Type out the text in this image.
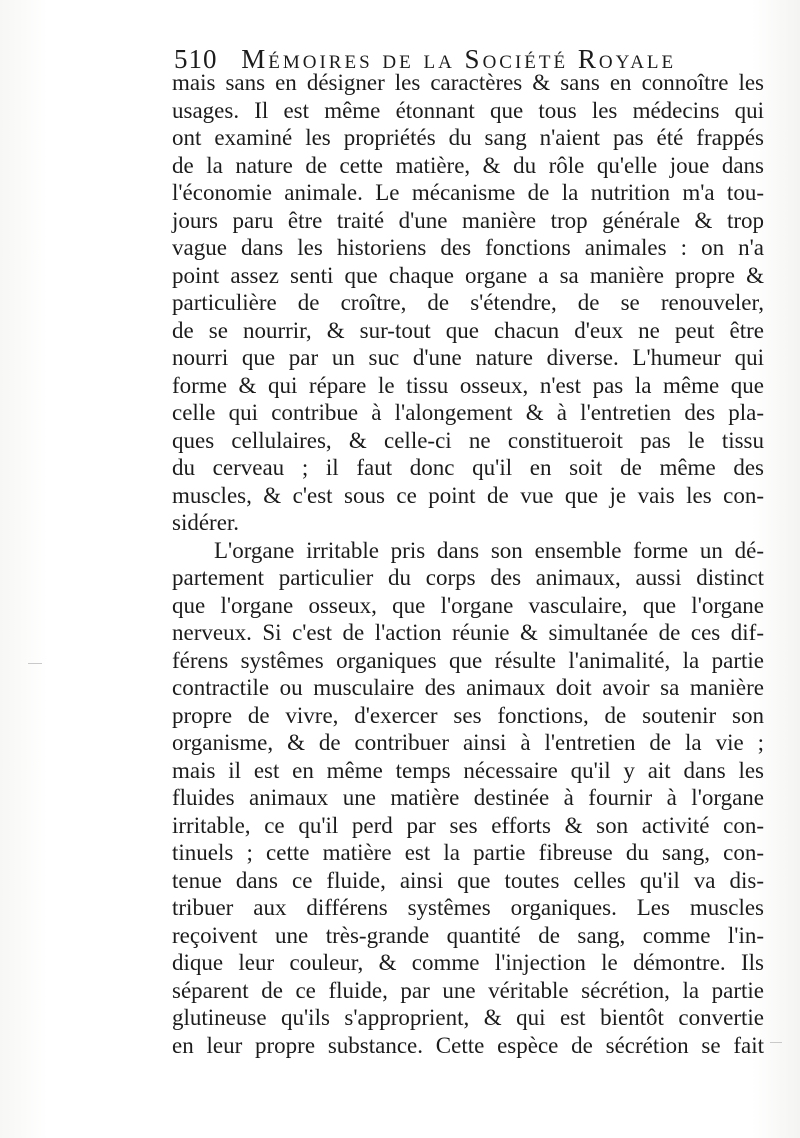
510 Mémoires de la Société Royale
mais sans en désigner les caractères & sans en connoître les
usages. Il est même étonnant que tous les médecins qui
ont examiné les propriétés du sang n'aient pas été frappés
de la nature de cette matière, & du rôle qu'elle joue dans
l'économie animale. Le mécanisme de la nutrition m'a tou-
jours paru être traité d'une manière trop générale & trop
vague dans les historiens des fonctions animales : on n'a
point assez senti que chaque organe a sa manière propre &
particulière de croître, de s'étendre, de se renouveler,
de se nourrir, & sur-tout que chacun d'eux ne peut être
nourri que par un suc d'une nature diverse. L'humeur qui
forme & qui répare le tissu osseux, n'est pas la même que
celle qui contribue à l'alongement & à l'entretien des pla-
ques cellulaires, & celle-ci ne constitueroit pas le tissu
du cerveau ; il faut donc qu'il en soit de même des
muscles, & c'est sous ce point de vue que je vais les con-
sidérer.
L'organe irritable pris dans son ensemble forme un dé-
partement particulier du corps des animaux, aussi distinct
que l'organe osseux, que l'organe vasculaire, que l'organe
nerveux. Si c'est de l'action réunie & simultanée de ces dif-
férens systêmes organiques que résulte l'animalité, la partie
contractile ou musculaire des animaux doit avoir sa manière
propre de vivre, d'exercer ses fonctions, de soutenir son
organisme, & de contribuer ainsi à l'entretien de la vie ;
mais il est en même temps nécessaire qu'il y ait dans les
fluides animaux une matière destinée à fournir à l'organe
irritable, ce qu'il perd par ses efforts & son activité con-
tinuels ; cette matière est la partie fibreuse du sang, con-
tenue dans ce fluide, ainsi que toutes celles qu'il va dis-
tribuer aux différens systêmes organiques. Les muscles
reçoivent une très-grande quantité de sang, comme l'in-
dique leur couleur, & comme l'injection le démontre. Ils
séparent de ce fluide, par une véritable sécrétion, la partie
glutineuse qu'ils s'approprient, & qui est bientôt convertie
en leur propre substance. Cette espèce de sécrétion se fait
